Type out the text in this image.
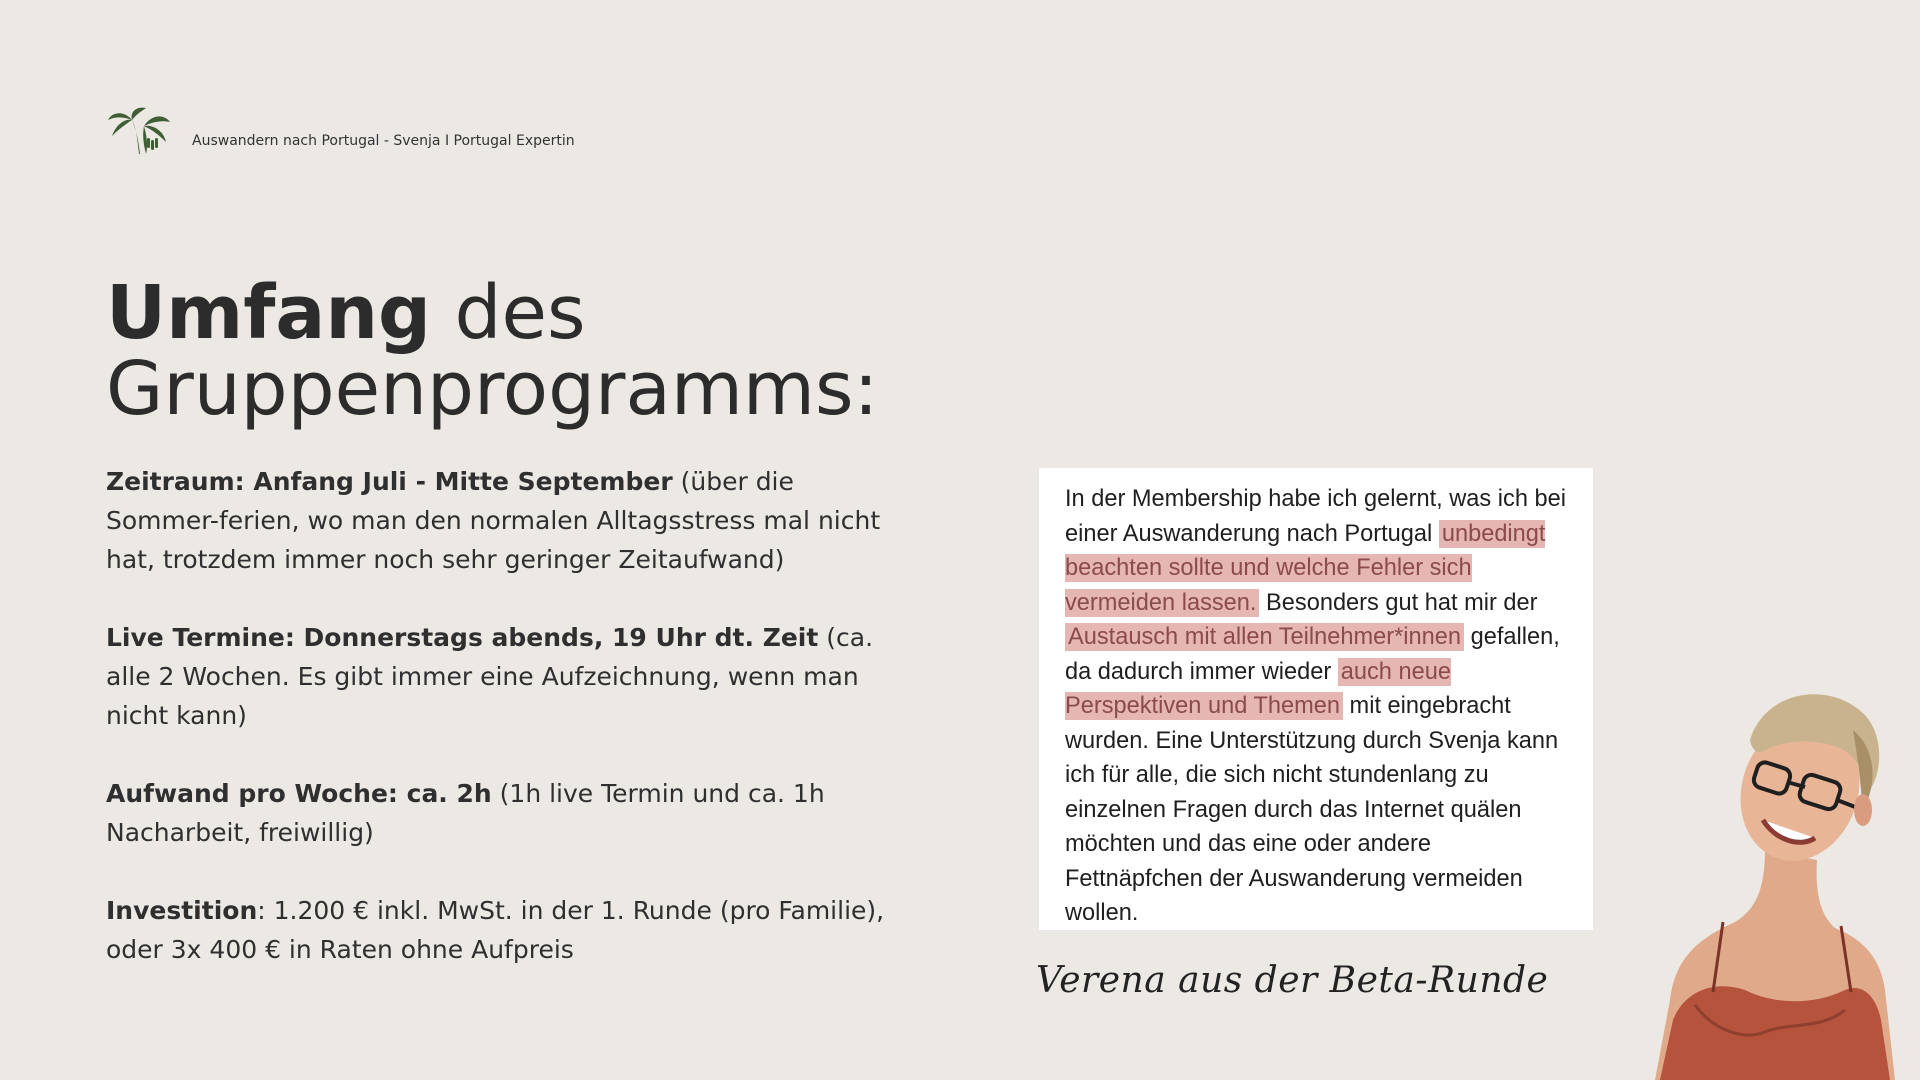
Auswandern nach Portugal - Svenja I Portugal Expertin
Umfang des
Gruppenprogramms:

Zeitraum: Anfang Juli - Mitte September (über die Sommer-ferien, wo man den normalen Alltagsstress mal nicht hat, trotzdem immer noch sehr geringer Zeitaufwand)

Live Termine: Donnerstags abends, 19 Uhr dt. Zeit (ca. alle 2 Wochen. Es gibt immer eine Aufzeichnung, wenn man nicht kann)

Aufwand pro Woche: ca. 2h (1h live Termin und ca. 1h Nacharbeit, freiwillig)

Investition: 1.200 € inkl. MwSt. in der 1. Runde (pro Familie), oder 3x 400 € in Raten ohne Aufpreis

In der Membership habe ich gelernt, was ich bei einer Auswanderung nach Portugal unbedingt beachten sollte und welche Fehler sich vermeiden lassen. Besonders gut hat mir der Austausch mit allen Teilnehmer*innen gefallen, da dadurch immer wieder auch neue Perspektiven und Themen mit eingebracht wurden. Eine Unterstützung durch Svenja kann ich für alle, die sich nicht stundenlang zu einzelnen Fragen durch das Internet quälen möchten und das eine oder andere Fettnäpfchen der Auswanderung vermeiden wollen.

Verena aus der Beta-Runde
